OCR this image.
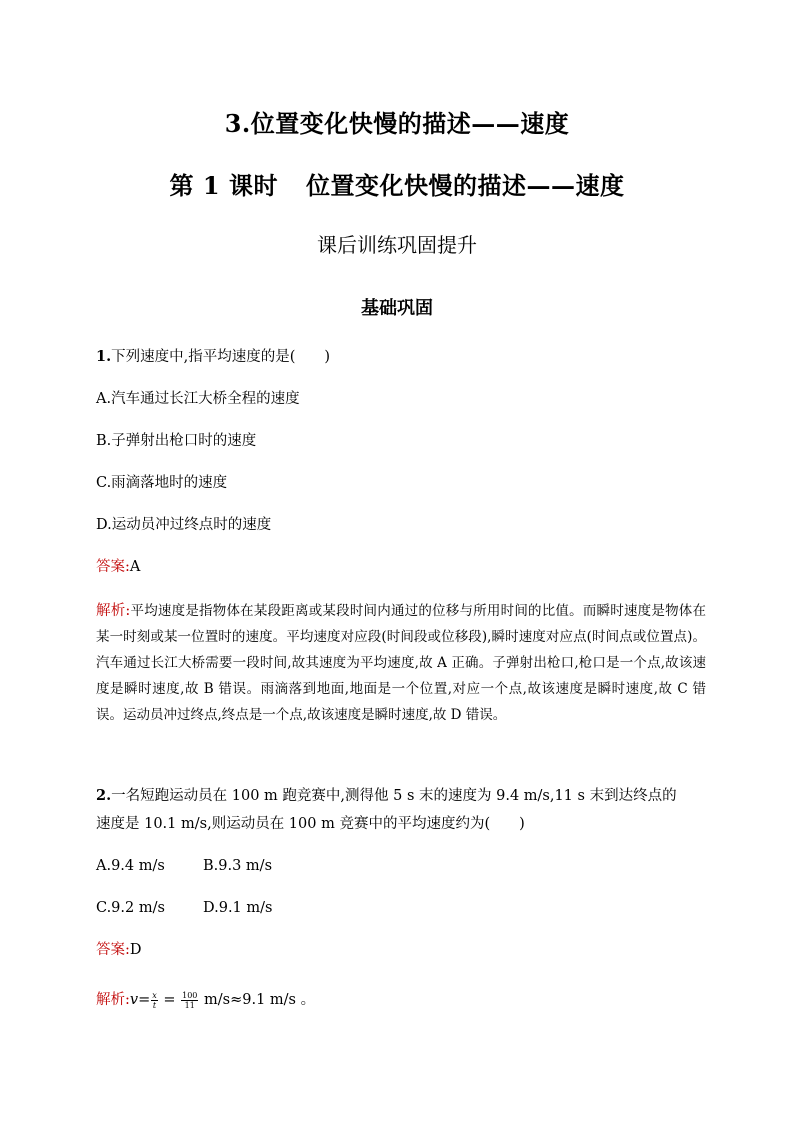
3.位置变化快慢的描述——速度
第 1 课时 位置变化快慢的描述——速度
课后训练巩固提升
基础巩固
1.下列速度中,指平均速度的是(　　)
A.汽车通过长江大桥全程的速度
B.子弹射出枪口时的速度
C.雨滴落地时的速度
D.运动员冲过终点时的速度
答案:A
解析:平均速度是指物体在某段距离或某段时间内通过的位移与所用时间的比值。而瞬时速度是物体在某一时刻或某一位置时的速度。平均速度对应段(时间段或位移段),瞬时速度对应点(时间点或位置点)。汽车通过长江大桥需要一段时间,故其速度为平均速度,故 A 正确。子弹射出枪口,枪口是一个点,故该速度是瞬时速度,故 B 错误。雨滴落到地面,地面是一个位置,对应一个点,故该速度是瞬时速度,故 C 错误。运动员冲过终点,终点是一个点,故该速度是瞬时速度,故 D 错误。
2.一名短跑运动员在 100 m 跑竞赛中,测得他 5 s 末的速度为 9.4 m/s,11 s 末到达终点的
速度是 10.1 m/s,则运动员在 100 m 竞赛中的平均速度约为(　　)
A.9.4 m/s	B.9.3 m/s
C.9.2 m/s	D.9.1 m/s
答案:D
解析:v= $\frac{x}{t} = \frac{100}{11} m/s\approx 9.1$ m/s 。
